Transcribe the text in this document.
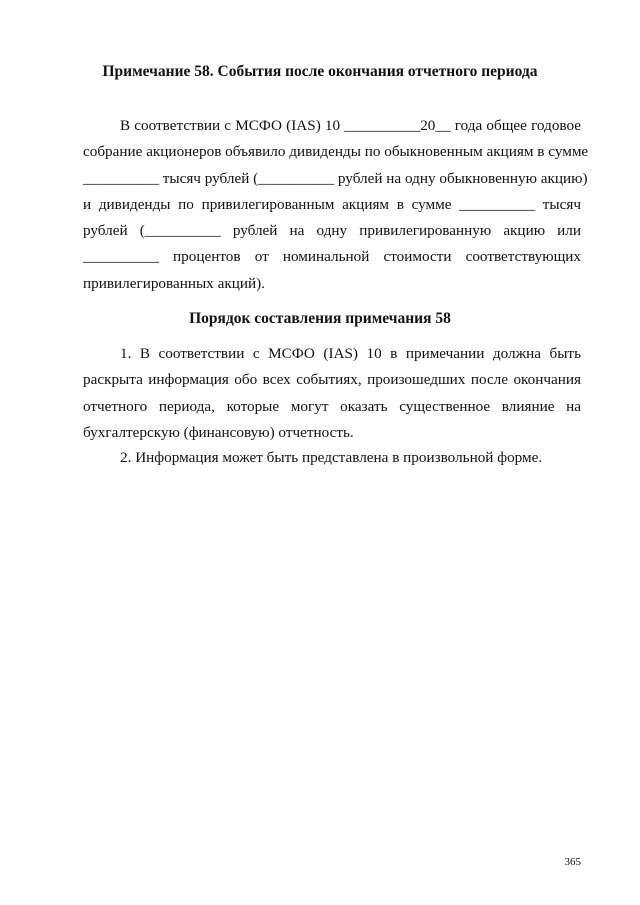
Примечание 58. События после окончания отчетного периода
В соответствии с МСФО (IAS) 10 __________20__ года общее годовое
собрание акционеров объявило дивиденды по обыкновенным акциям в сумме
__________ тысяч рублей (__________ рублей на одну обыкновенную акцию)
и дивиденды по привилегированным акциям в сумме __________ тысяч
рублей (__________ рублей на одну привилегированную акцию или
__________ процентов от номинальной стоимости соответствующих
привилегированных акций).
Порядок составления примечания 58
1. В соответствии с МСФО (IAS) 10 в примечании должна быть
раскрыта информация обо всех событиях, произошедших после окончания
отчетного периода, которые могут оказать существенное влияние на
бухгалтерскую (финансовую) отчетность.
2. Информация может быть представлена в произвольной форме.
365
